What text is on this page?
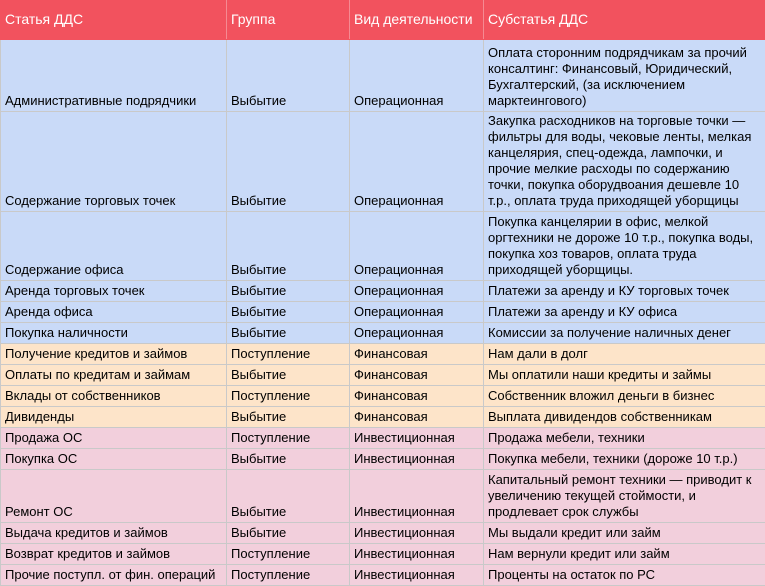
Статья ДДС	Группа	Вид деятельности	Субстатья ДДС
Административные подрядчики	Выбытие	Операционная	Оплата сторонним подрядчикам за прочий консалтинг: Финансовый, Юридический, Бухгалтерский, (за исключением марктеингового)
Содержание торговых точек	Выбытие	Операционная	Закупка расходников на торговые точки — фильтры для воды, чековые ленты, мелкая канцелярия, спец-одежда, лампочки, и прочие мелкие расходы по содержанию точки, покупка оборудвоания дешевле 10 т.р., оплата труда приходящей уборщицы
Содержание офиса	Выбытие	Операционная	Покупка канцелярии в офис, мелкой оргтехники не дороже 10 т.р., покупка воды, покупка хоз товаров, оплата труда приходящей уборщицы.
Аренда торговых точек	Выбытие	Операционная	Платежи за аренду и КУ торговых точек
Аренда офиса	Выбытие	Операционная	Платежи за аренду и КУ офиса
Покупка наличности	Выбытие	Операционная	Комиссии за получение наличных денег
Получение кредитов и займов	Поступление	Финансовая	Нам дали в долг
Оплаты по кредитам и займам	Выбытие	Финансовая	Мы оплатили наши кредиты и займы
Вклады от собственников	Поступление	Финансовая	Собственник вложил деньги в бизнес
Дивиденды	Выбытие	Финансовая	Выплата дивидендов собственникам
Продажа ОС	Поступление	Инвестиционная	Продажа мебели, техники
Покупка ОС	Выбытие	Инвестиционная	Покупка мебели, техники (дороже 10 т.р.)
Ремонт ОС	Выбытие	Инвестиционная	Капитальный ремонт техники — приводит к увеличению текущей стоймости, и продлевает срок службы
Выдача кредитов и займов	Выбытие	Инвестиционная	Мы выдали кредит или займ
Возврат кредитов и займов	Поступление	Инвестиционная	Нам вернули кредит или займ
Прочие поступл. от фин. операций	Поступление	Инвестиционная	Проценты на остаток по РС
